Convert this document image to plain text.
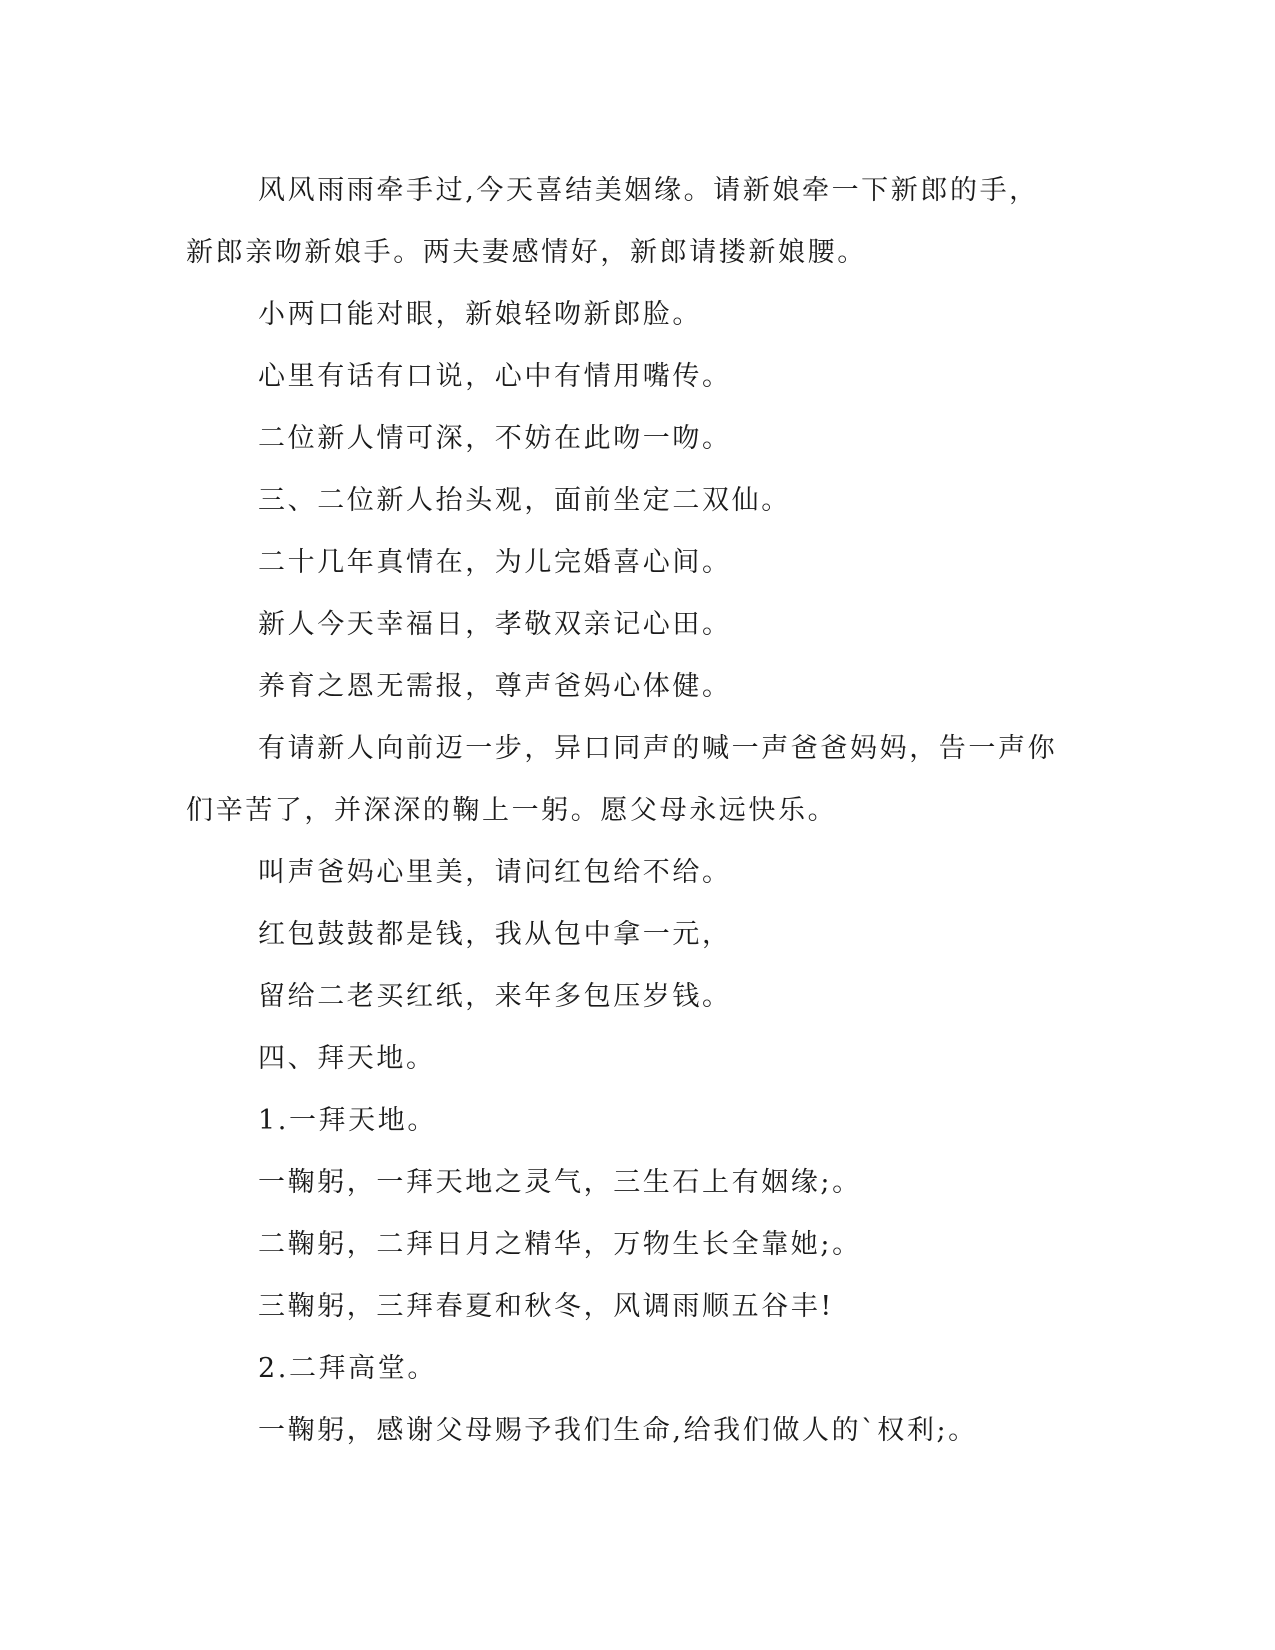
风风雨雨牵手过,今天喜结美姻缘。请新娘牵一下新郎的手，新郎亲吻新娘手。两夫妻感情好，新郎请搂新娘腰。

小两口能对眼，新娘轻吻新郎脸。

心里有话有口说，心中有情用嘴传。

二位新人情可深，不妨在此吻一吻。

三、二位新人抬头观，面前坐定二双仙。

二十几年真情在，为儿完婚喜心间。

新人今天幸福日，孝敬双亲记心田。

养育之恩无需报，尊声爸妈心体健。

有请新人向前迈一步，异口同声的喊一声爸爸妈妈，告一声你们辛苦了，并深深的鞠上一躬。愿父母永远快乐。

叫声爸妈心里美，请问红包给不给。

红包鼓鼓都是钱，我从包中拿一元，

留给二老买红纸，来年多包压岁钱。

四、拜天地。

1.一拜天地。

一鞠躬，一拜天地之灵气，三生石上有姻缘;。

二鞠躬，二拜日月之精华，万物生长全靠她;。

三鞠躬，三拜春夏和秋冬，风调雨顺五谷丰!

2.二拜高堂。

一鞠躬，感谢父母赐予我们生命,给我们做人的`权利;。
